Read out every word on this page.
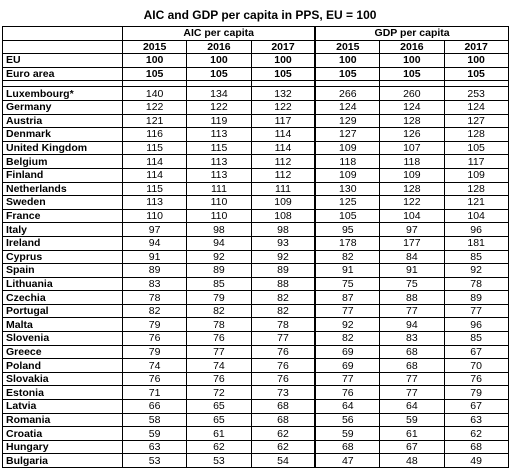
AIC and GDP per capita in PPS, EU = 100
	AIC per capita			GDP per capita		
	2015	2016	2017	2015	2016	2017
EU	100	100	100	100	100	100
Euro area	105	105	105	105	105	105

Luxembourg*	140	134	132	266	260	253
Germany	122	122	122	124	124	124
Austria	121	119	117	129	128	127
Denmark	116	113	114	127	126	128
United Kingdom	115	115	114	109	107	105
Belgium	114	113	112	118	118	117
Finland	114	113	112	109	109	109
Netherlands	115	111	111	130	128	128
Sweden	113	110	109	125	122	121
France	110	110	108	105	104	104
Italy	97	98	98	95	97	96
Ireland	94	94	93	178	177	181
Cyprus	91	92	92	82	84	85
Spain	89	89	89	91	91	92
Lithuania	83	85	88	75	75	78
Czechia	78	79	82	87	88	89
Portugal	82	82	82	77	77	77
Malta	79	78	78	92	94	96
Slovenia	76	76	77	82	83	85
Greece	79	77	76	69	68	67
Poland	74	74	76	69	68	70
Slovakia	76	76	76	77	77	76
Estonia	71	72	73	76	77	79
Latvia	66	65	68	64	64	67
Romania	58	65	68	56	59	63
Croatia	59	61	62	59	61	62
Hungary	63	62	62	68	67	68
Bulgaria	53	53	54	47	48	49
